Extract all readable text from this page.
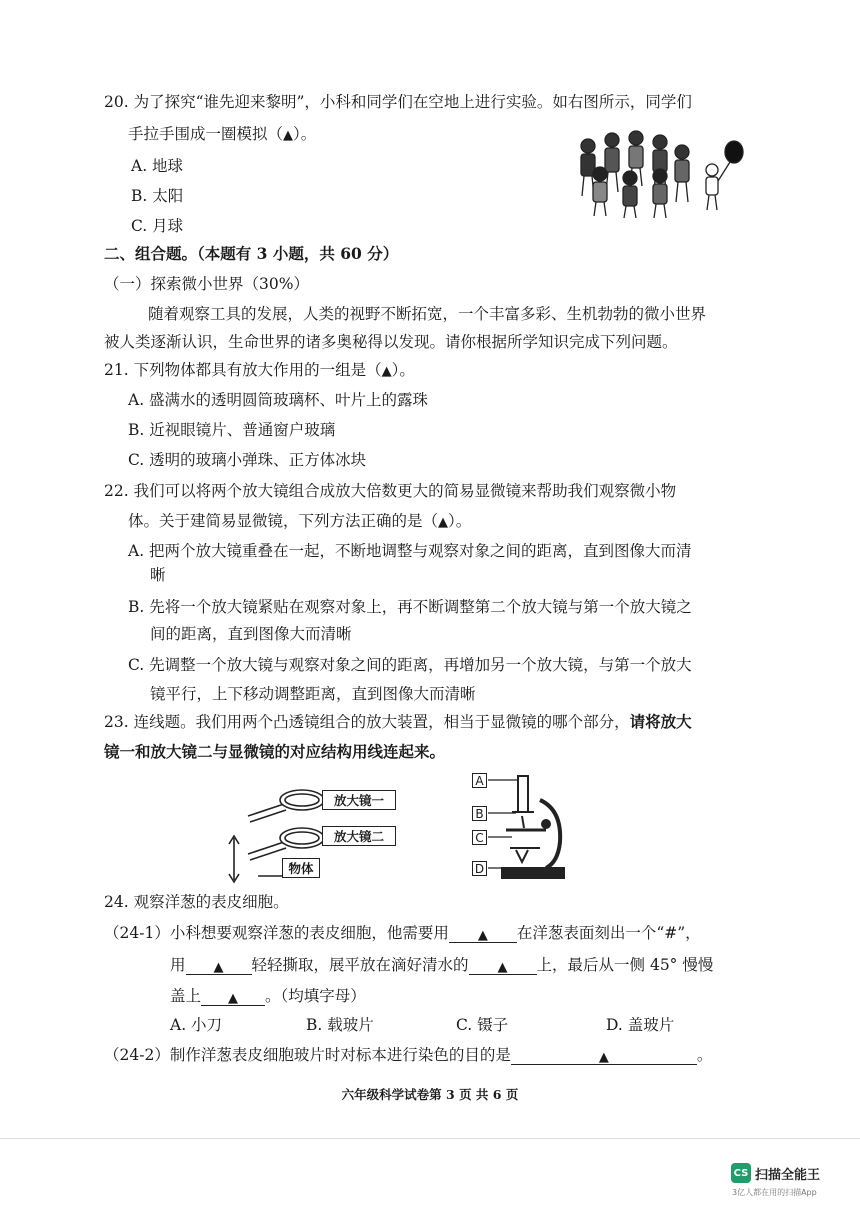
20. 为了探究“谁先迎来黎明”，小科和同学们在空地上进行实验。如右图所示，同学们
手拉手围成一圈模拟（▲）。
A. 地球
B. 太阳
C. 月球
二、组合题。（本题有 3 小题，共 60 分）
（一）探索微小世界（30%）
随着观察工具的发展，人类的视野不断拓宽，一个丰富多彩、生机勃勃的微小世界
被人类逐渐认识，生命世界的诸多奥秘得以发现。请你根据所学知识完成下列问题。
21. 下列物体都具有放大作用的一组是（▲）。
A. 盛满水的透明圆筒玻璃杯、叶片上的露珠
B. 近视眼镜片、普通窗户玻璃
C. 透明的玻璃小弹珠、正方体冰块
22. 我们可以将两个放大镜组合成放大倍数更大的简易显微镜来帮助我们观察微小物
体。关于建简易显微镜，下列方法正确的是（▲）。
A. 把两个放大镜重叠在一起，不断地调整与观察对象之间的距离，直到图像大而清
晰
B. 先将一个放大镜紧贴在观察对象上，再不断调整第二个放大镜与第一个放大镜之
间的距离，直到图像大而清晰
C. 先调整一个放大镜与观察对象之间的距离，再增加另一个放大镜，与第一个放大
镜平行，上下移动调整距离，直到图像大而清晰
23. 连线题。我们用两个凸透镜组合的放大装置，相当于显微镜的哪个部分，请将放大
镜一和放大镜二与显微镜的对应结构用线连起来。
放大镜一
放大镜二
物体
A
B
C
D
24. 观察洋葱的表皮细胞。
（24-1）小科想要观察洋葱的表皮细胞，他需要用 ▲ 在洋葱表面刻出一个“#”，
用 ▲ 轻轻撕取，展平放在滴好清水的 ▲ 上，最后从一侧 45° 慢慢
盖上 ▲ 。（均填字母）
A. 小刀	B. 载玻片	C. 镊子	D. 盖玻片
（24-2）制作洋葱表皮细胞玻片时对标本进行染色的目的是	▲	。
六年级科学试卷第 3 页 共 6 页
CS 扫描全能王
3亿人都在用的扫描App
